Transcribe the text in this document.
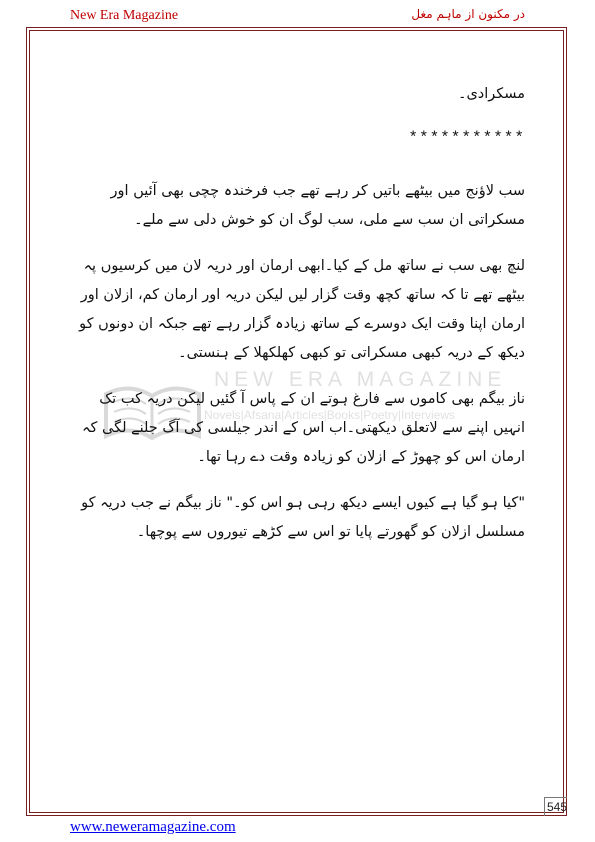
New Era Magazine	در مکنون از ماہم مغل
NEW ERA MAGAZINE
Novels|Afsana|Articles|Books|Poetry|Interviews

مسکرادی۔

***********

سب لاؤنج میں بیٹھے باتیں کر رہے تھے جب فرخندہ چچی بھی آئیں اور مسکراتی ان سب سے ملی، سب لوگ ان کو خوش دلی سے ملے۔

لنچ بھی سب نے ساتھ مل کے کیا۔ابھی ارمان اور دریہ لان میں کرسیوں پہ بیٹھے تھے تا کہ ساتھ کچھ وقت گزار لیں لیکن دریہ اور ارمان کم، ازلان اور ارمان اپنا وقت ایک دوسرے کے ساتھ زیادہ گزار رہے تھے جبکہ ان دونوں کو دیکھ کے دریہ کبھی مسکراتی تو کبھی کھلکھلا کے ہنستی۔

ناز بیگم بھی کاموں سے فارغ ہوتے ان کے پاس آ گئیں لیکن دریہ کب تک انہیں اپنے سے لاتعلق دیکھتی۔اب اس کے اندر جیلسی کی آگ جلنے لگی کہ ارمان اس کو چھوڑ کے ازلان کو زیادہ وقت دے رہا تھا۔

"کیا ہو گیا ہے کیوں ایسے دیکھ رہی ہو اس کو۔" ناز بیگم نے جب دریہ کو مسلسل ازلان کو گھورتے پایا تو اس سے کڑھے تیوروں سے پوچھا۔

545
www.neweramagazine.com
